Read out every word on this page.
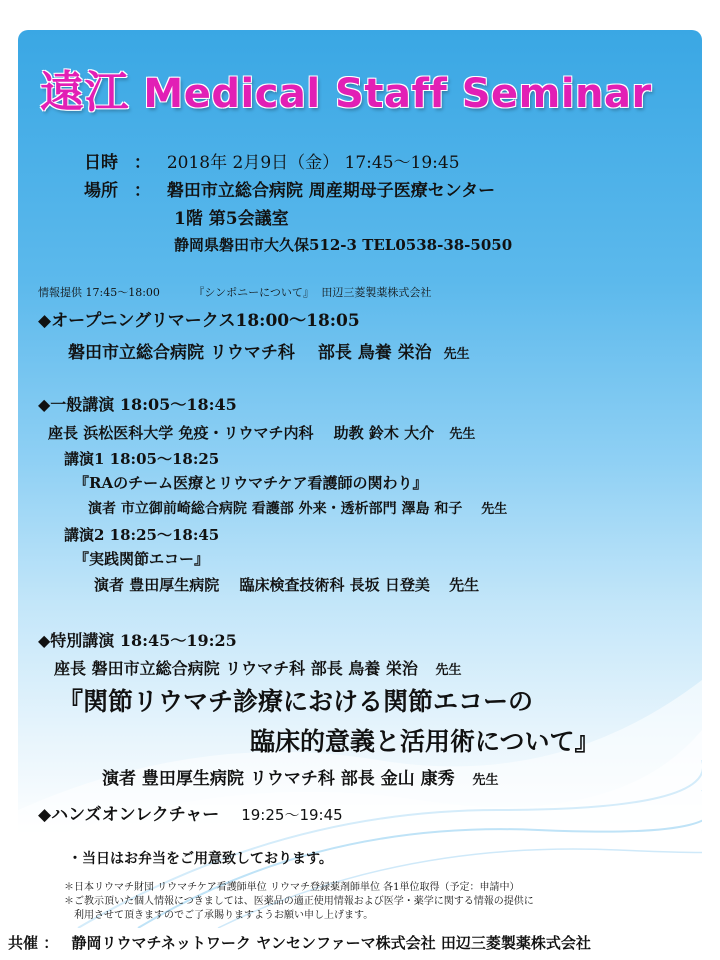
遠江 Medical Staff Seminar
日時 ： 2018年 2月9日（金） 17:45～19:45
場所 ： 磐田市立総合病院 周産期母子医療センター
1階 第5会議室
静岡県磐田市大久保512-3 TEL0538-38-5050
情報提供 17:45～18:00	『シンポニーについて』 田辺三菱製薬株式会社
◆オープニングリマークス18:00～18:05
磐田市立総合病院 リウマチ科　 部長 鳥養 栄治 先生
◆一般講演 18:05～18:45
座長 浜松医科大学 免疫・リウマチ内科　 助教 鈴木 大介 先生
講演1 18:05～18:25
『RAのチーム医療とリウマチケア看護師の関わり』
演者 市立御前崎総合病院 看護部 外来・透析部門 澤島 和子 先生
講演2 18:25～18:45
『実践関節エコー』
演者 豊田厚生病院　 臨床検査技術科 長坂 日登美 先生
◆特別講演 18:45～19:25
座長 磐田市立総合病院 リウマチ科 部長 鳥養 栄治 先生
『関節リウマチ診療における関節エコーの
臨床的意義と活用術について』
演者 豊田厚生病院 リウマチ科 部長 金山 康秀 先生
◆ハンズオンレクチャー 19:25～19:45
・当日はお弁当をご用意致しております。
＊日本リウマチ財団 リウマチケア看護師単位 リウマチ登録薬剤師単位 各1単位取得（予定：申請中）
＊ご教示頂いた個人情報につきましては、医薬品の適正使用情報および医学・薬学に関する情報の提供に
利用させて頂きますのでご了承賜りますようお願い申し上げます。
共催 ： 静岡リウマチネットワーク ヤンセンファーマ株式会社 田辺三菱製薬株式会社
